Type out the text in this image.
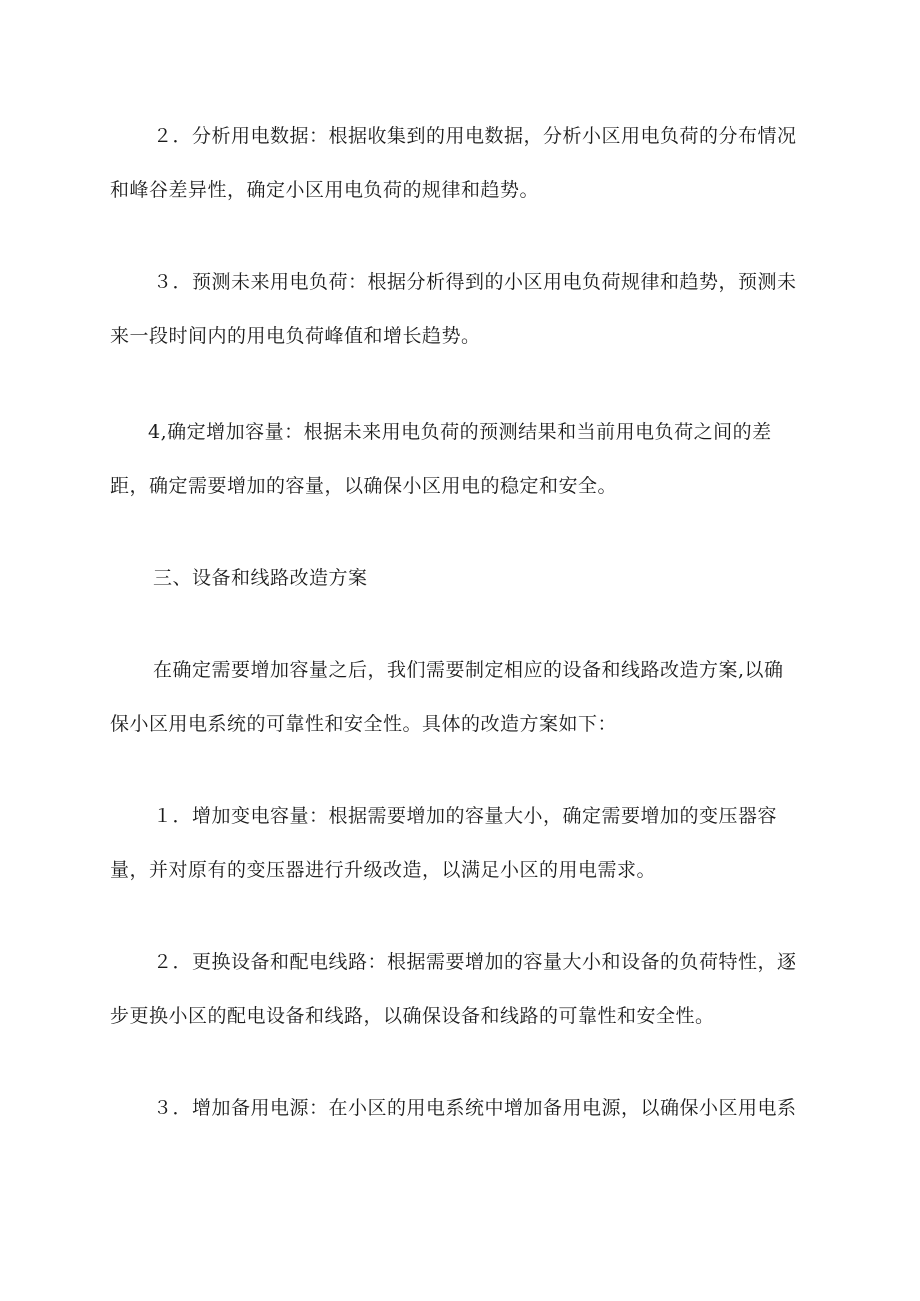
２．分析用电数据：根据收集到的用电数据，分析小区用电负荷的分布情况
和峰谷差异性，确定小区用电负荷的规律和趋势。
３．预测未来用电负荷：根据分析得到的小区用电负荷规律和趋势，预测未
来一段时间内的用电负荷峰值和增长趋势。
4,确定增加容量：根据未来用电负荷的预测结果和当前用电负荷之间的差
距，确定需要增加的容量，以确保小区用电的稳定和安全。
三、设备和线路改造方案
在确定需要增加容量之后，我们需要制定相应的设备和线路改造方案,以确
保小区用电系统的可靠性和安全性。具体的改造方案如下：
１．增加变电容量：根据需要增加的容量大小，确定需要增加的变压器容
量，并对原有的变压器进行升级改造，以满足小区的用电需求。
２．更换设备和配电线路：根据需要增加的容量大小和设备的负荷特性，逐
步更换小区的配电设备和线路，以确保设备和线路的可靠性和安全性。
３．增加备用电源：在小区的用电系统中增加备用电源，以确保小区用电系
